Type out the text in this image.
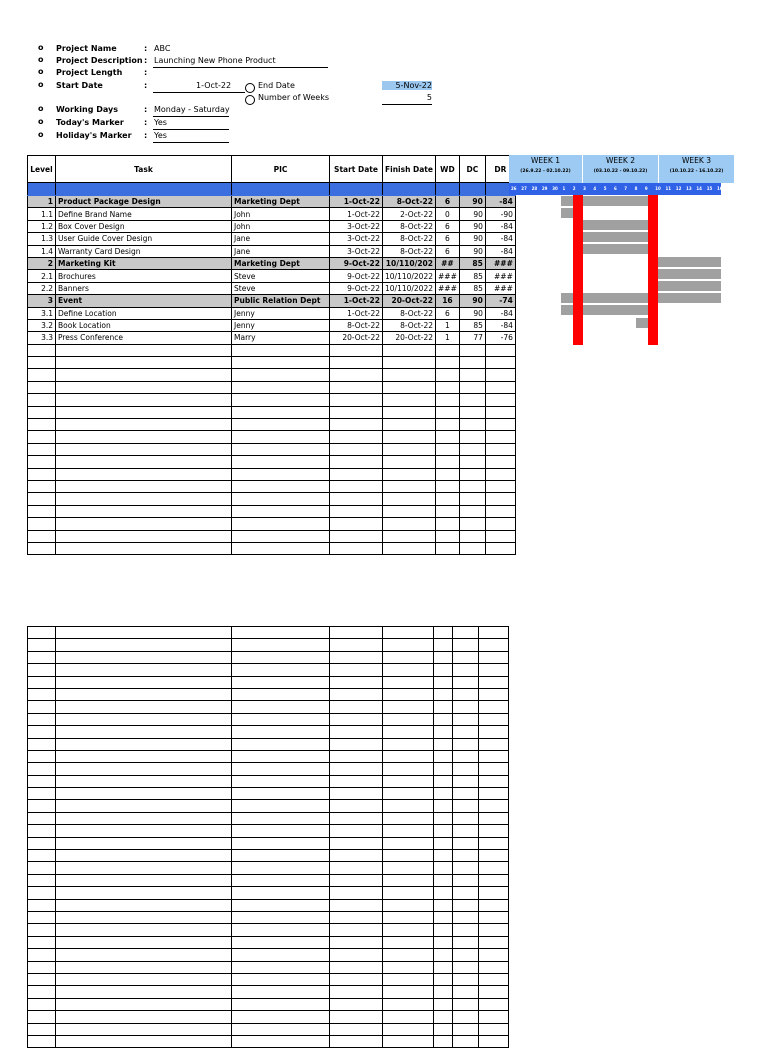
o Project Name	: ABC
o Project Description : Launching New Phone Product
o Project Length	:
o Start Date	:	1-Oct-22	End Date	5-Nov-22
Number of Weeks	5
o Working Days	: Monday - Saturday
o Today's Marker	: Yes
o Holiday's Marker : Yes
Level	Task	PIC	Start Date	Finish Date	WD	DC	DR

1	Product Package Design	Marketing Dept	1-Oct-22	8-Oct-22	6	90	-84
1.1	Define Brand Name	John	1-Oct-22	2-Oct-22	0	90	-90
1.2	Box Cover Design	John	3-Oct-22	8-Oct-22	6	90	-84
1.3	User Guide Cover Design	Jane	3-Oct-22	8-Oct-22	6	90	-84
1.4	Warranty Card Design	Jane	3-Oct-22	8-Oct-22	6	90	-84
2	Marketing Kit	Marketing Dept	9-Oct-22	10/110/202	##	85	###
2.1	Brochures	Steve	9-Oct-22	10/110/2022	###	85	###
2.2	Banners	Steve	9-Oct-22	10/110/2022	###	85	###
3	Event	Public Relation Dept	1-Oct-22	20-Oct-22	16	90	-74
3.1	Define Location	Jenny	1-Oct-22	8-Oct-22	6	90	-84
3.2	Book Location	Jenny	8-Oct-22	8-Oct-22	1	85	-84
3.3	Press Conference	Marry	20-Oct-22	20-Oct-22	1	77	-76

WEEK 1
(26.9.22 - 02.10.22)
WEEK 2
(03.10.22 - 09.10.22)
WEEK 3
(10.10.22 - 16.10.22)
26 27 28 29 30 1 2 3 4 5 6 7 8 9 10 11 12 13 14 15 16
